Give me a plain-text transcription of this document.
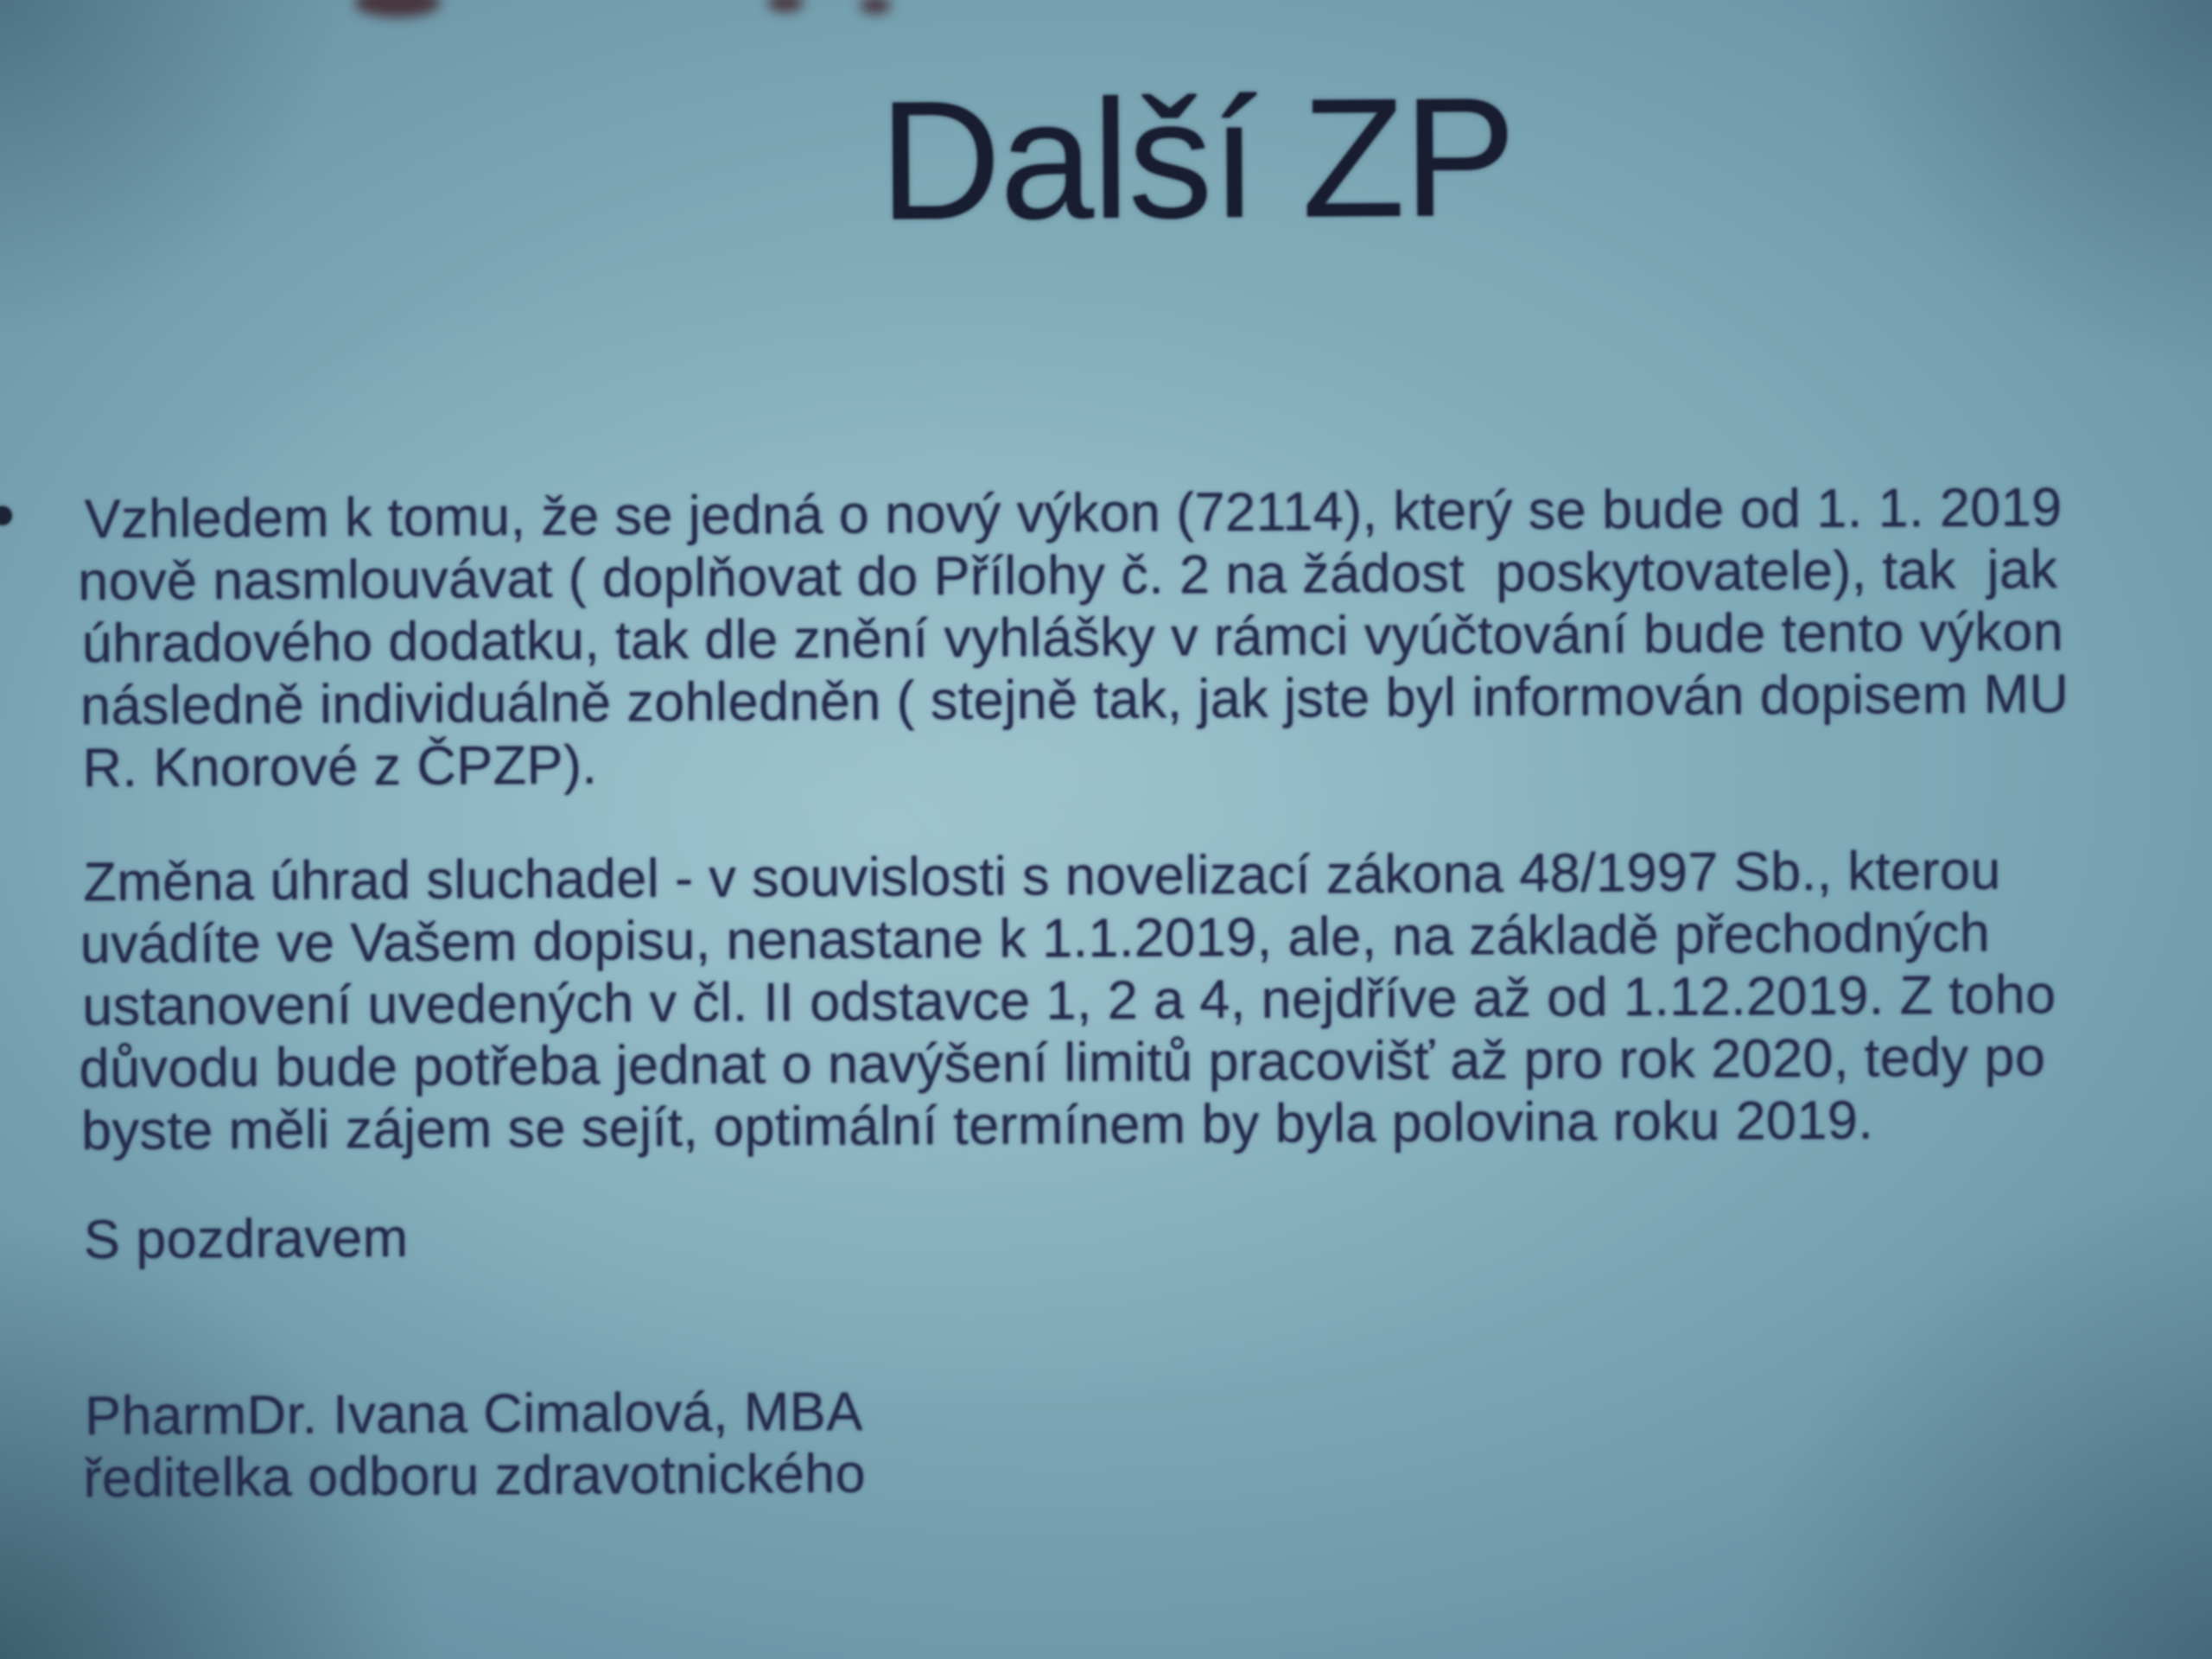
Další ZP
Vzhledem k tomu, že se jedná o nový výkon (72114), který se bude od 1. 1. 2019
nově nasmlouvávat ( doplňovat do Přílohy č. 2 na žádost  poskytovatele), tak  jak
úhradového dodatku, tak dle znění vyhlášky v rámci vyúčtování bude tento výkon
následně individuálně zohledněn ( stejně tak, jak jste byl informován dopisem MU
R. Knorové z ČPZP).
Změna úhrad sluchadel - v souvislosti s novelizací zákona 48/1997 Sb., kterou
uvádíte ve Vašem dopisu, nenastane k 1.1.2019, ale, na základě přechodných
ustanovení uvedených v čl. II odstavce 1, 2 a 4, nejdříve až od 1.12.2019. Z toho
důvodu bude potřeba jednat o navýšení limitů pracovišť až pro rok 2020, tedy po
byste měli zájem se sejít, optimální termínem by byla polovina roku 2019.
S pozdravem
PharmDr. Ivana Cimalová, MBA
ředitelka odboru zdravotnického
